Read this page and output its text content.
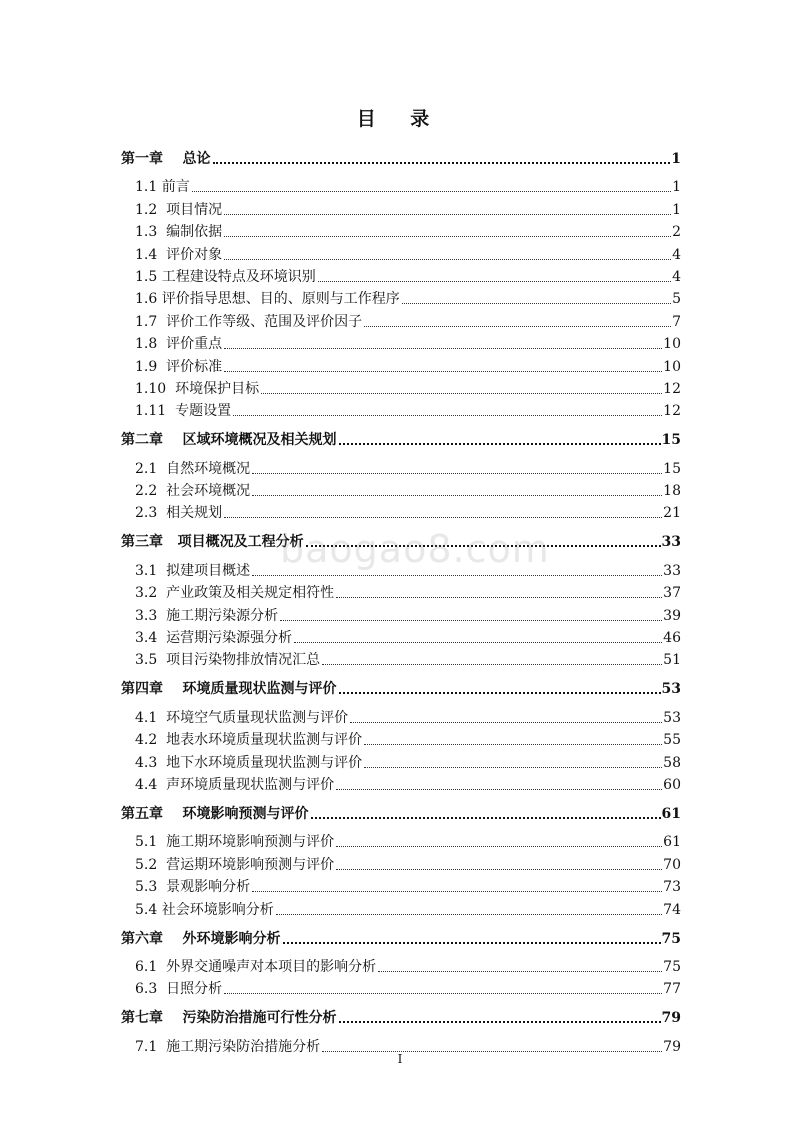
目 录
第一章    总论	1
1.1 前言	1
1.2  项目情况	1
1.3  编制依据	2
1.4  评价对象	4
1.5 工程建设特点及环境识别	4
1.6 评价指导思想、目的、原则与工作程序	5
1.7  评价工作等级、范围及评价因子	7
1.8  评价重点	10
1.9  评价标准	10
1.10  环境保护目标	12
1.11  专题设置	12
第二章    区域环境概况及相关规划	15
2.1  自然环境概况	15
2.2  社会环境概况	18
2.3  相关规划	21
第三章   项目概况及工程分析	33
3.1  拟建项目概述	33
3.2  产业政策及相关规定相符性	37
3.3  施工期污染源分析	39
3.4  运营期污染源强分析	46
3.5  项目污染物排放情况汇总	51
第四章    环境质量现状监测与评价	53
4.1  环境空气质量现状监测与评价	53
4.2  地表水环境质量现状监测与评价	55
4.3  地下水环境质量现状监测与评价	58
4.4  声环境质量现状监测与评价	60
第五章    环境影响预测与评价	61
5.1  施工期环境影响预测与评价	61
5.2  营运期环境影响预测与评价	70
5.3  景观影响分析	73
5.4 社会环境影响分析	74
第六章    外环境影响分析	75
6.1  外界交通噪声对本项目的影响分析	75
6.3  日照分析	77
第七章    污染防治措施可行性分析	79
7.1  施工期污染防治措施分析	79
baogao8.com
I
